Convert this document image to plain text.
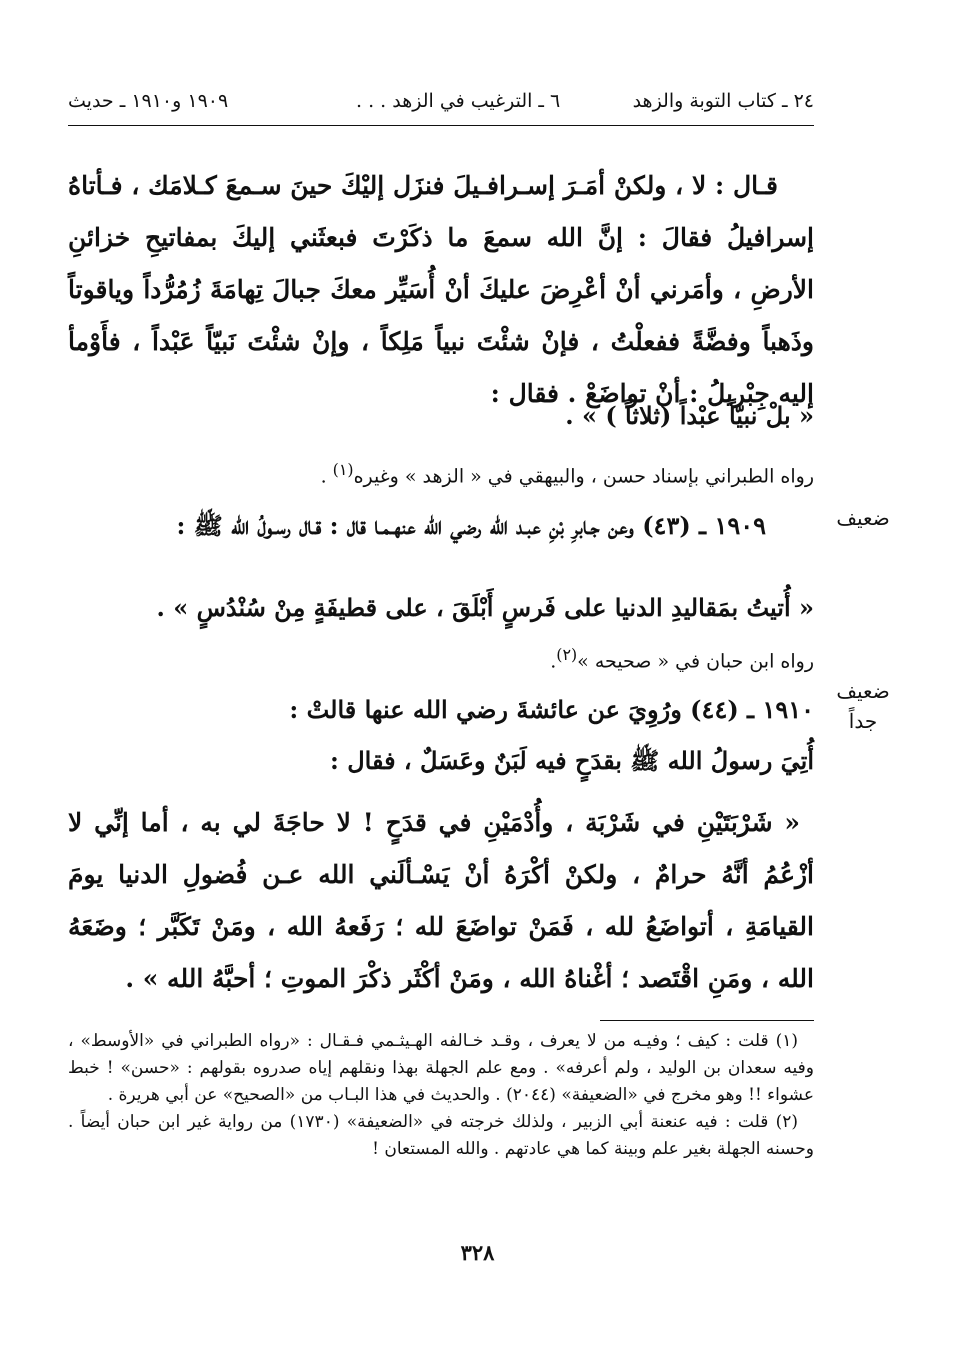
٢٤ ـ كتاب التوبة والزهد
٦ ـ الترغيب في الزهد . . .
١٩٠٩ و١٩١٠ ـ حديث
ضعيف
ضعيف جداً
قـال : لا ، ولكنْ أمَـرَ إسـرافـيلَ فنزَل إليْكَ حينَ سـمعَ كـلامَك ، فـأتاهُ إسرافيلُ فقالَ : إنَّ الله سمعَ ما ذكَرْتَ فبعثَني إليكَ بمفاتيحِ خزائنِ الأرضِ ، وأمَرني أنْ أعْرِضَ عليكَ أنْ أُسَيِّر معكَ جبالَ تِهامَةَ زُمُرُّداً وياقوتاً وذَهباً وفضَّةً ففعلْتُ ، فإنْ شئْتَ نبياً مَلِكاً ، وإنْ شئْتَ نَبيّاً عَبْداً ، فأَوْمأ إليه جِبْريلُ : أنْ تواضَعْ . فقال :
« بلْ نبيّاً عبْداً (ثلاثاً ) » .
رواه الطبراني بإسناد حسن ، والبيهقي في « الزهد » وغيره$^{(١)}$ .
١٩٠٩ ـ (٤٣) وعن جـابرِ بْنِ عبـد الله رضي الله عنهـمـا قال : قـال رسـولُ الله ﷺ :
« أُتيتُ بمَقاليدِ الدنيا على فَرسٍ أَبْلَقَ ، على قطيفَةٍ مِنْ سُنْدُسٍ » .
رواه ابن حبان في « صحيحه »$^{(٢)}$.
١٩١٠ ـ (٤٤) ورُوِيَ عن عائشةَ رضي الله عنها قالتْ :
أُتِيَ رسولُ الله ﷺ بقدَحٍ فيه لَبَنٌ وعَسَلٌ ، فقال :
« شَرْبَتَيْنِ في شَرْبَة ، وأُدْمَيْنِ في قدَحٍ ! لا حاجَةَ لي به ، أما إنِّي لا أزْعُمُ أنَّهُ حرامٌ ، ولكنْ أكْرَهُ أنْ يَسْـألَني الله عـن فُضولِ الدنيا يومَ القيامَةِ ، أتواضَعُ لله ، فَمَنْ تواضَعَ لله ؛ رَفَعهُ الله ، ومَنْ تَكَبَّر ؛ وضَعَهُ الله ، ومَنِ اقْتَصد ؛ أغْناهُ الله ، ومَنْ أكْثَر ذكْرَ الموتِ ؛ أحبَّهُ الله » .

(١) قلت : كيف ؛ وفيـه من لا يعرف ، وقـد خـالفه الهـيثـمي فـقـال : «رواه الطبراني في «الأوسط» ، وفيه سعدان بن الوليد ، ولم أعرفه» . ومع علم الجهلة بهذا ونقلهم إياه صدروه بقولهم : «حسن» ! خبط عشواء !! وهو مخرج في «الضعيفة» (٢٠٤٤) . والحديث في هذا البـاب من «الصحيح» عن أبي هريرة .

(٢) قلت : فيه عنعنة أبي الزبير ، ولذلك خرجته في «الضعيفة» (١٧٣٠) من رواية غير ابن حبان أيضاً . وحسنه الجهلة بغير علم وبينة كما هي عادتهم . والله المستعان !

٣٢٨
